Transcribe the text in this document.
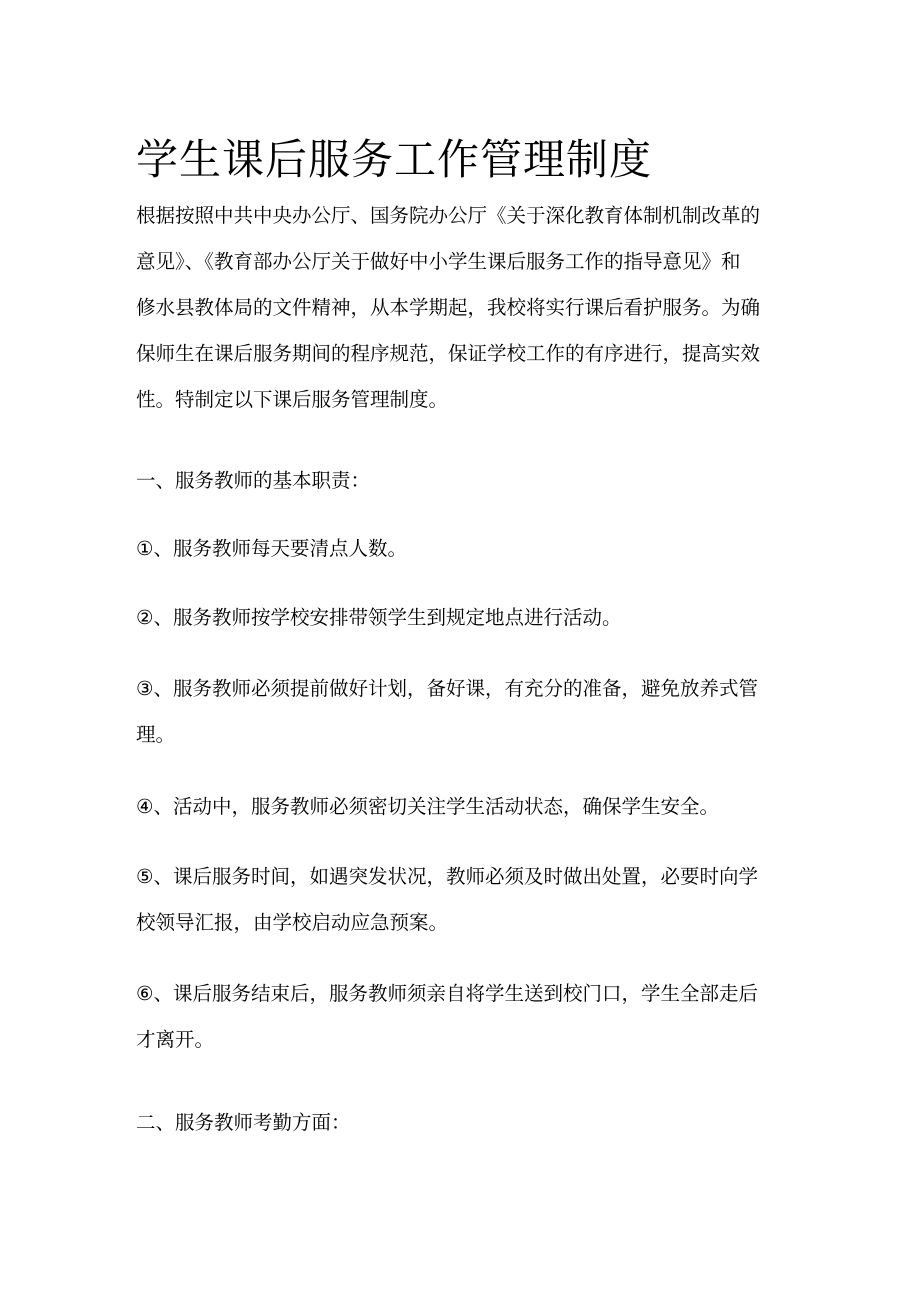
学生课后服务工作管理制度
根据按照中共中央办公厅、国务院办公厅《关于深化教育体制机制改革的
意见》、《教育部办公厅关于做好中小学生课后服务工作的指导意见》和
修水县教体局的文件精神，从本学期起，我校将实行课后看护服务。为确
保师生在课后服务期间的程序规范，保证学校工作的有序进行，提高实效
性。特制定以下课后服务管理制度。
一、服务教师的基本职责：
①、服务教师每天要清点人数。
②、服务教师按学校安排带领学生到规定地点进行活动。
③、服务教师必须提前做好计划，备好课，有充分的准备，避免放养式管
理。
④、活动中，服务教师必须密切关注学生活动状态，确保学生安全。
⑤、课后服务时间，如遇突发状况，教师必须及时做出处置，必要时向学
校领导汇报，由学校启动应急预案。
⑥、课后服务结束后，服务教师须亲自将学生送到校门口，学生全部走后
才离开。
二、服务教师考勤方面：
